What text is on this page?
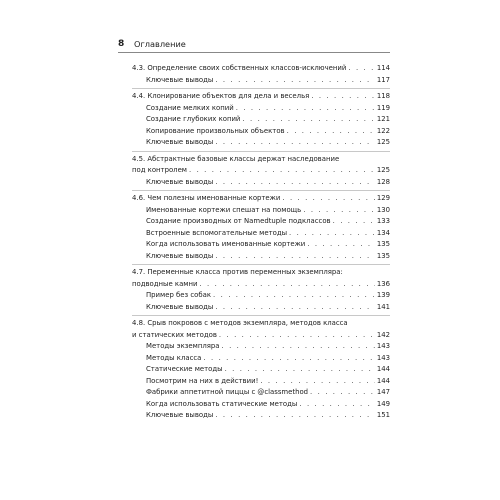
8	Оглавление
4.3. Определение своих собственных классов-исключений . . .	114
Ключевые выводы . . .	117
4.4. Клонирование объектов для дела и веселья . . .	118
Создание мелких копий . . .	119
Создание глубоких копий . . .	121
Копирование произвольных объектов . . .	122
Ключевые выводы . . .	125
4.5. Абстрактные базовые классы держат наследование
под контролем . . .	125
Ключевые выводы . . .	128
4.6. Чем полезны именованные кортежи . . .	129
Именованные кортежи спешат на помощь . . .	130
Создание производных от Namedtuple подклассов . . .	133
Встроенные вспомогательные методы . . .	134
Когда использовать именованные кортежи . . .	135
Ключевые выводы . . .	135
4.7. Переменные класса против переменных экземпляра:
подводные камни . . .	136
Пример без собак . . .	139
Ключевые выводы . . .	141
4.8. Срыв покровов с методов экземпляра, методов класса
и статических методов . . .	142
Методы экземпляра . . .	143
Методы класса . . .	143
Статические методы . . .	144
Посмотрим на них в действии! . . .	144
Фабрики аппетитной пиццы с @classmethod . . .	147
Когда использовать статические методы . . .	149
Ключевые выводы . . .	151
